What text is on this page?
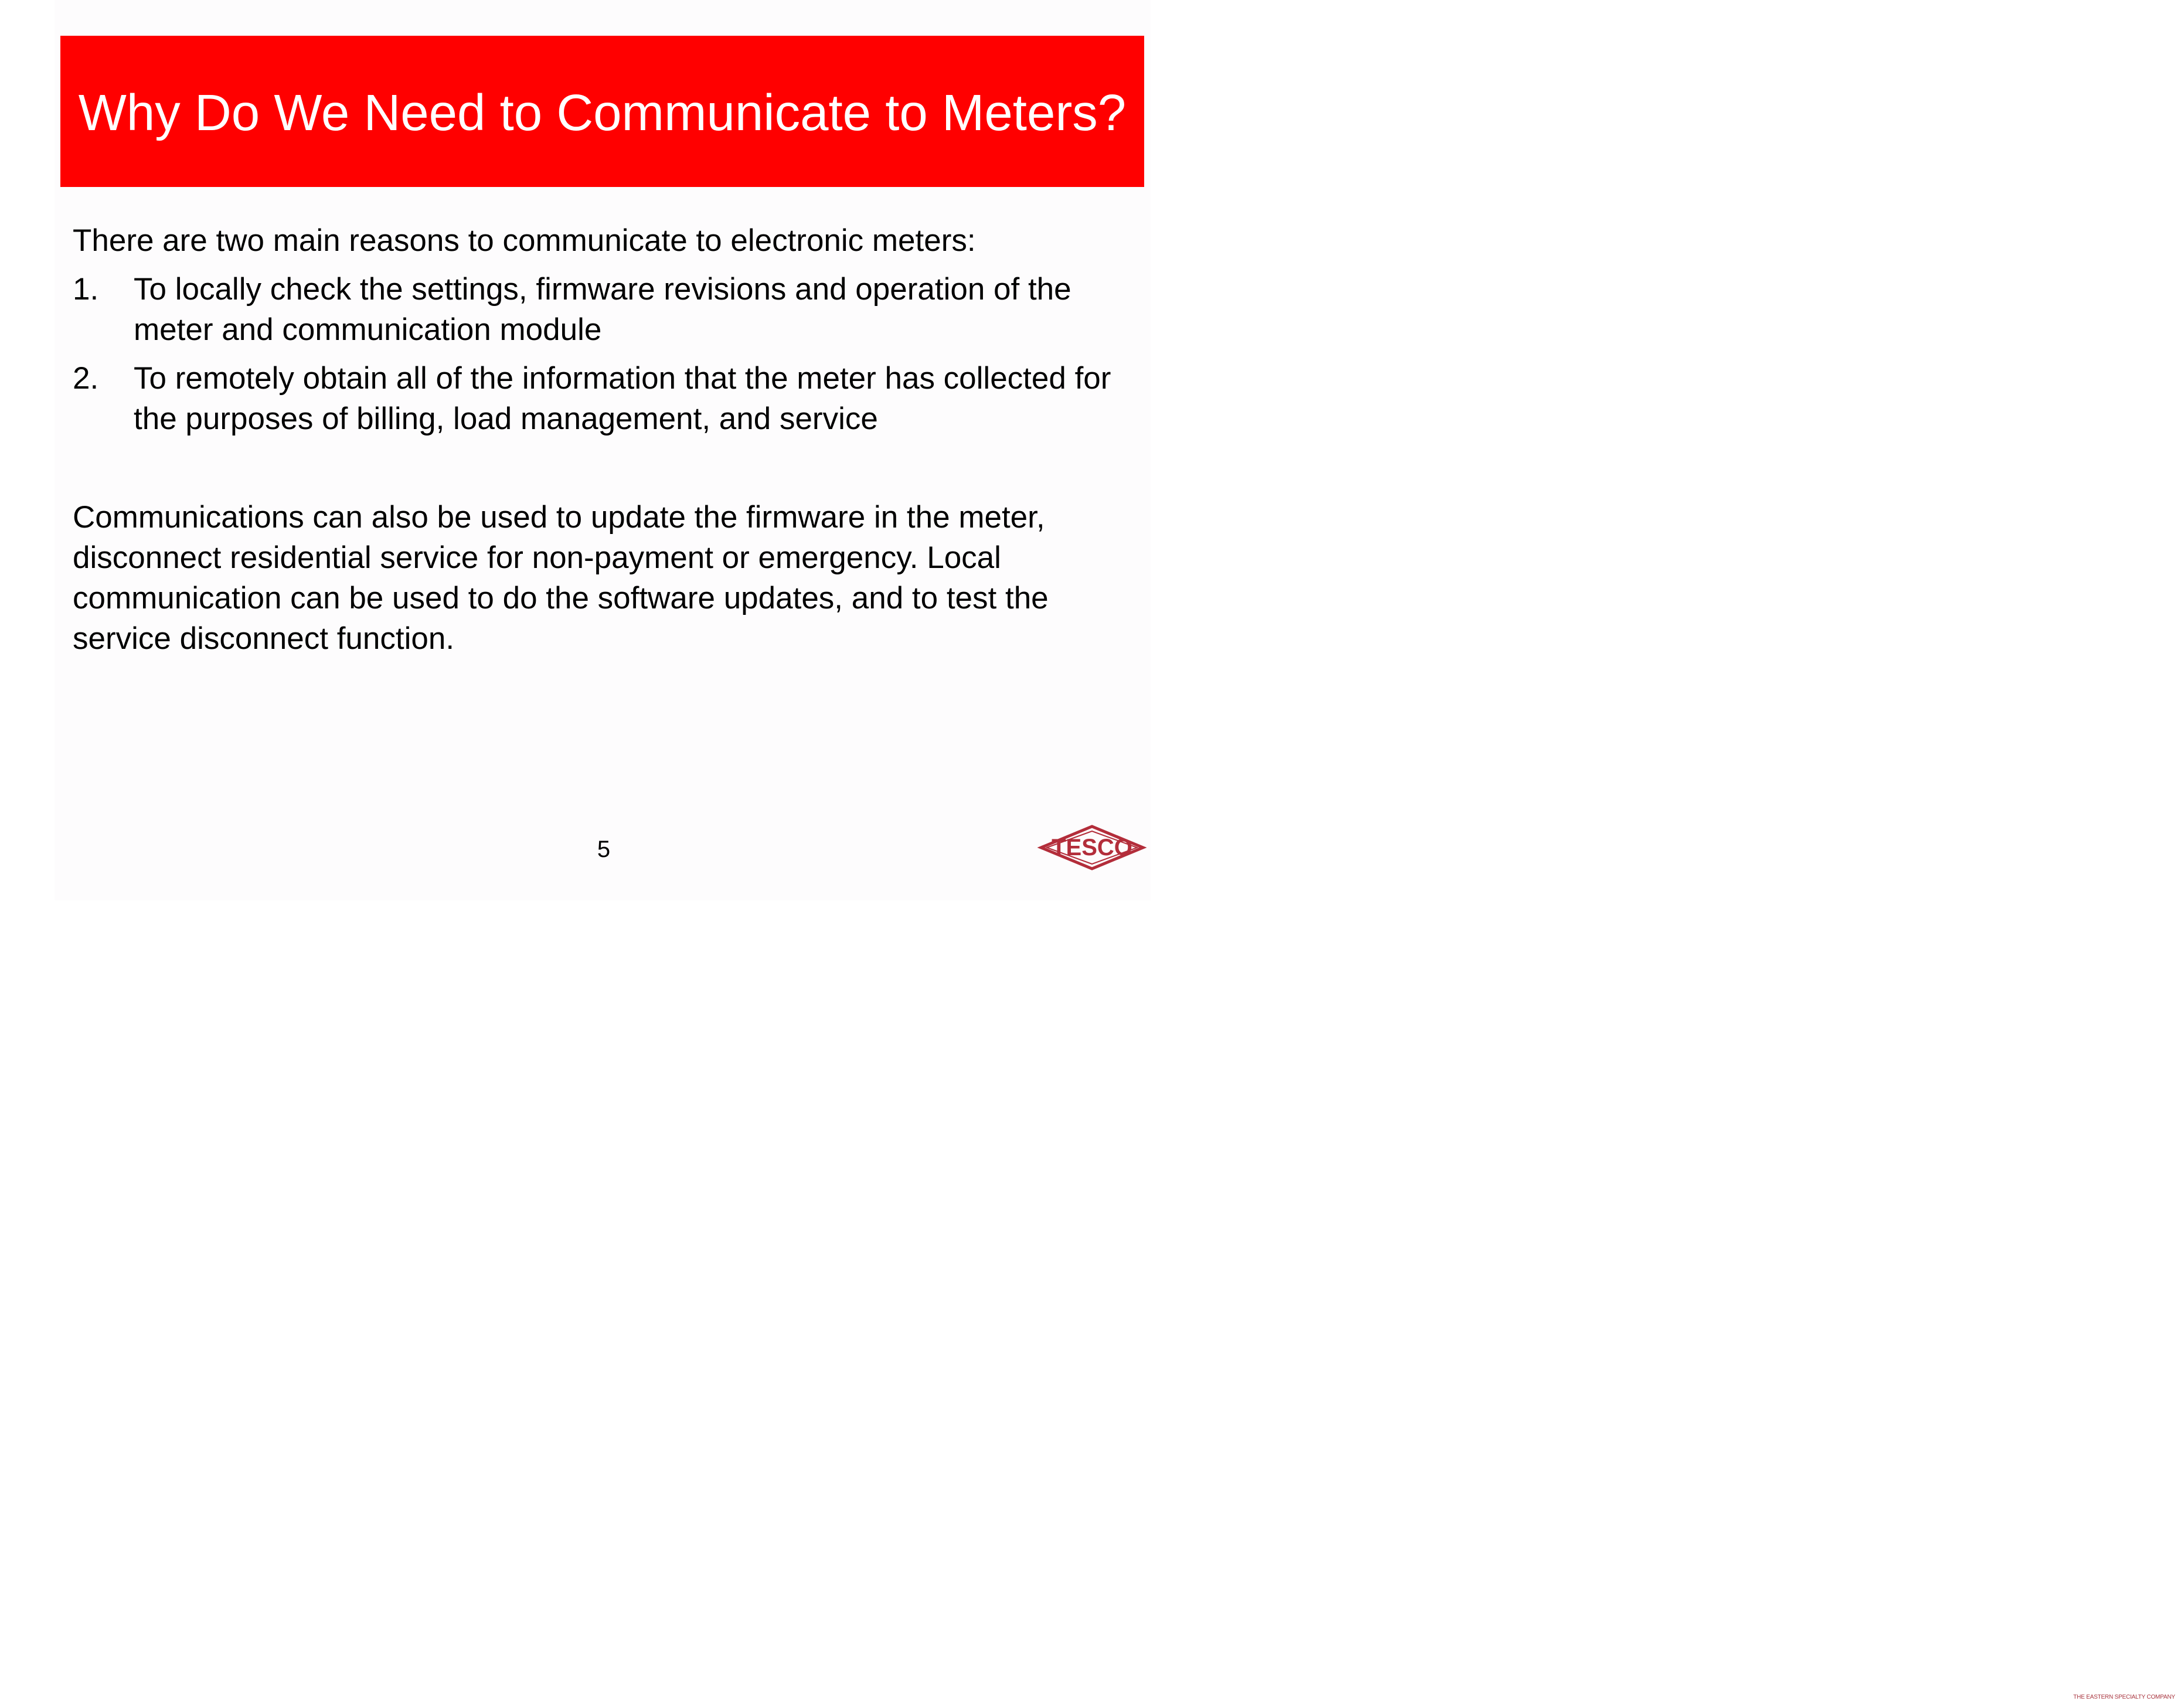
Why Do We Need to Communicate to Meters?

There are two main reasons to communicate to electronic meters:

1.	To locally check the settings, firmware revisions and operation of the meter and communication module
2.	To remotely obtain all of the information that the meter has collected for the purposes of billing, load management, and service

Communications can also be used to update the firmware in the meter, disconnect residential service for non-payment or emergency. Local communication can be used to do the software updates, and to test the service disconnect function.

5	TESCO
THE EASTERN SPECIALTY COMPANY
